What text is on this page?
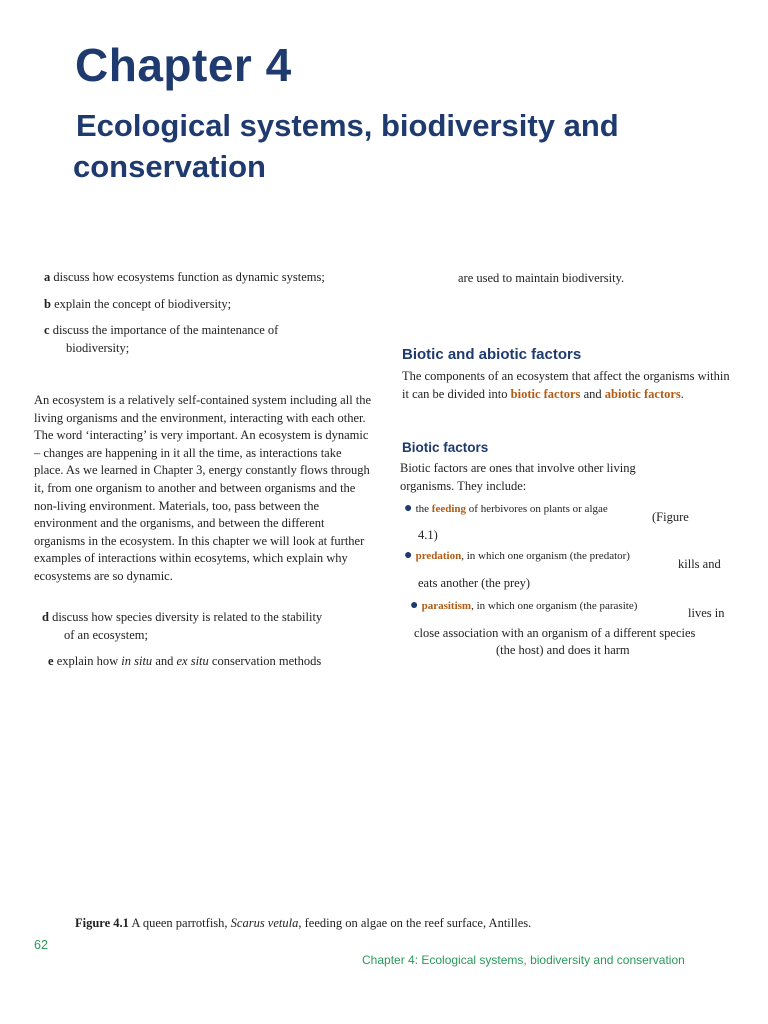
Chapter 4
Ecological systems, biodiversity and
conservation
a discuss how ecosystems function as dynamic systems;
b explain the concept of biodiversity;
c discuss the importance of the maintenance of
biodiversity;
An ecosystem is a relatively self-contained system including all the living organisms and the environment, interacting with each other. The word ‘interacting’ is very important. An ecosystem is dynamic – changes are happening in it all the time, as interactions take place. As we learned in Chapter 3, energy constantly flows through it, from one organism to another and between organisms and the non-living environment. Materials, too, pass between the environment and the organisms, and between the different organisms in the ecosystem. In this chapter we will look at further examples of interactions within ecosytems, which explain why ecosystems are so dynamic.
d discuss how species diversity is related to the stability
of an ecosystem;
e explain how in situ and ex situ conservation methods
are used to maintain biodiversity.
Biotic and abiotic factors
The components of an ecosystem that affect the organisms within it can be divided into biotic factors and abiotic factors.
Biotic factors
Biotic factors are ones that involve other living organisms. They include:
● the feeding of herbivores on plants or algae
(Figure
4.1)
● predation, in which one organism (the predator)
kills and
eats another (the prey)
● parasitism, in which one organism (the parasite)	lives in
close association with an organism of a different species
(the host) and does it harm
Figure 4.1 A queen parrotfish, Scarus vetula, feeding on algae on the reef surface, Antilles.
62
Chapter 4: Ecological systems, biodiversity and conservation
